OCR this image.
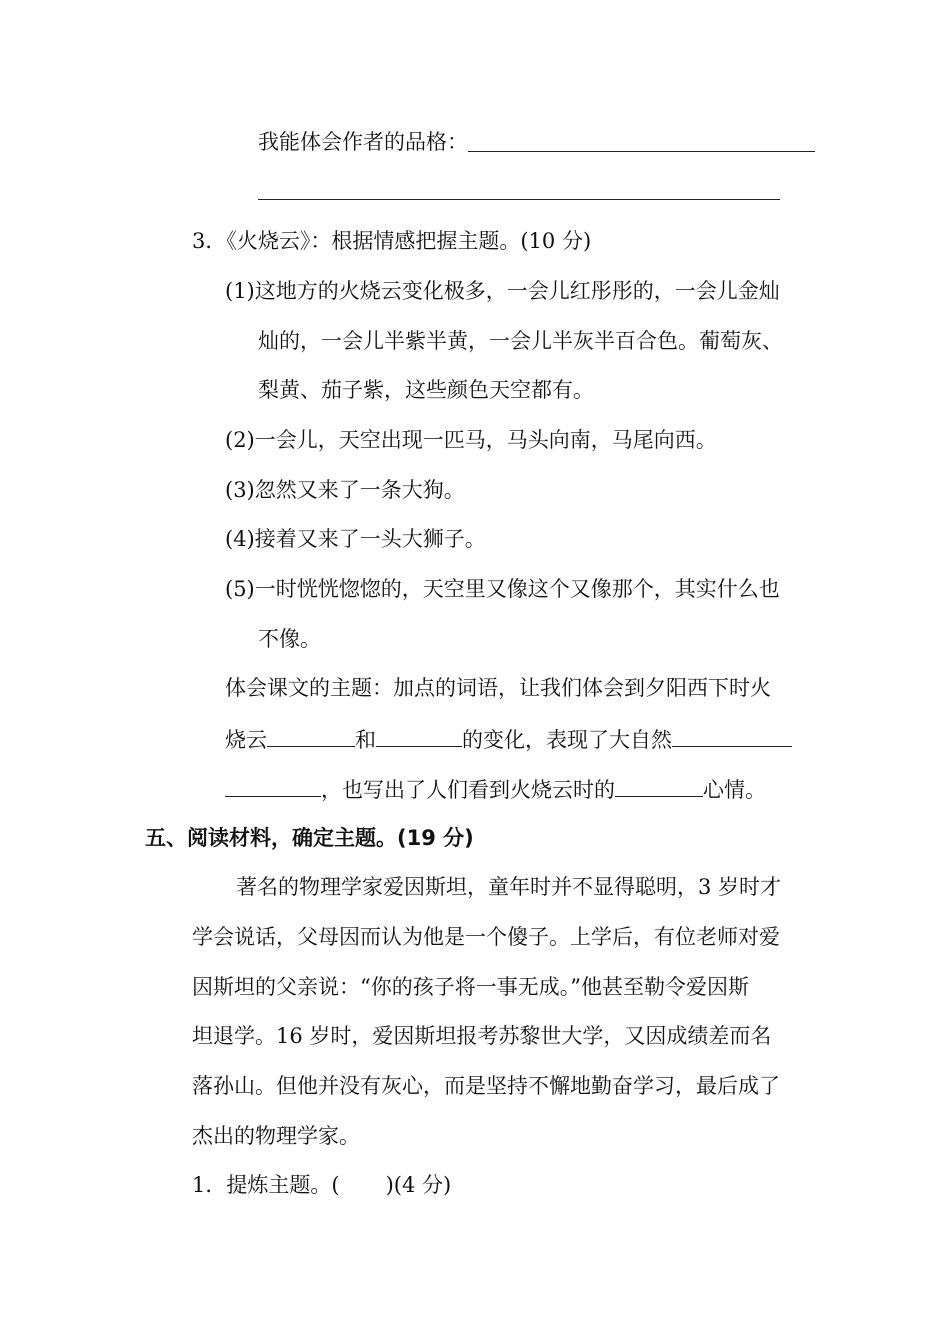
我能体会作者的品格：
3．《火烧云》：根据情感把握主题。(10 分)
(1)这地方的火烧云变化极多，一会儿红彤彤的，一会儿金灿
灿的，一会儿半紫半黄，一会儿半灰半百合色。葡萄灰、
梨黄、茄子紫，这些颜色天空都有。
(2)一会儿，天空出现一匹马，马头向南，马尾向西。
(3)忽然又来了一条大狗。
(4)接着又来了一头大狮子。
(5)一时恍恍惚惚的，天空里又像这个又像那个，其实什么也
不像。
体会课文的主题：加点的词语，让我们体会到夕阳西下时火
烧云	和	的变化，表现了大自然
，也写出了人们看到火烧云时的	心情。
五、阅读材料，确定主题。(19 分)
著名的物理学家爱因斯坦，童年时并不显得聪明，3 岁时才
学会说话，父母因而认为他是一个傻子。上学后，有位老师对爱
因斯坦的父亲说：“你的孩子将一事无成。”他甚至勒令爱因斯
坦退学。16 岁时，爱因斯坦报考苏黎世大学，又因成绩差而名
落孙山。但他并没有灰心，而是坚持不懈地勤奋学习，最后成了
杰出的物理学家。
1．提炼主题。( )(4 分)
